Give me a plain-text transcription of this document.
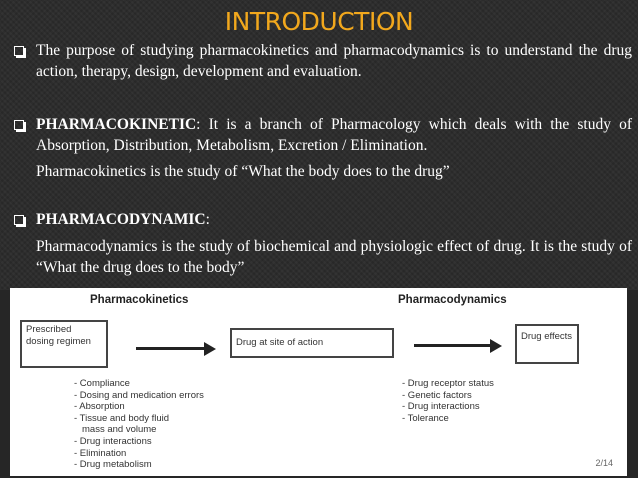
INTRODUCTION
The purpose of studying pharmacokinetics and pharmacodynamics is to understand the drug action, therapy, design, development and evaluation.
PHARMACOKINETIC: It is a branch of Pharmacology which deals with the study of Absorption, Distribution, Metabolism, Excretion / Elimination.
Pharmacokinetics is the study of “What the body does to the drug”
PHARMACODYNAMIC:
Pharmacodynamics is the study of biochemical and physiologic effect of drug. It is the study of “What the drug does to the body”
Pharmacokinetics	Pharmacodynamics
Prescribed dosing regimen	Drug at site of action
Drug effects
- Compliance
- Dosing and medication errors
- Absorption
- Tissue and body fluid
mass and volume
- Drug interactions
- Elimination
- Drug metabolism
- Drug receptor status
- Genetic factors
- Drug interactions
- Tolerance
2/14
